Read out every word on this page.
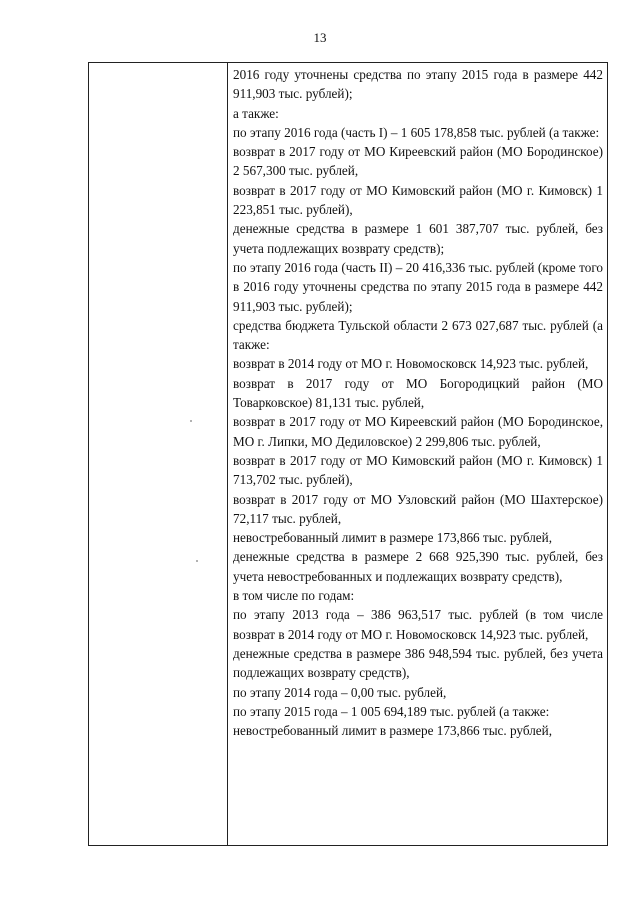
13

2016 году уточнены средства по этапу 2015 года в размере 442 911,903 тыс. рублей);

а также:

по этапу 2016 года (часть I) – 1 605 178,858 тыс. рублей (а также:

возврат в 2017 году от МО Киреевский район (МО Бородинское) 2 567,300 тыс. рублей,

возврат в 2017 году от МО Кимовский район (МО г. Кимовск) 1 223,851 тыс. рублей),

денежные средства в размере 1 601 387,707 тыс. рублей, без учета подлежащих возврату средств);

по этапу 2016 года (часть II) – 20 416,336 тыс. рублей (кроме того в 2016 году уточнены средства по этапу 2015 года в размере 442 911,903 тыс. рублей);

средства бюджета Тульской области 2 673 027,687 тыс. рублей (а также:

возврат в 2014 году от МО г. Новомосковск 14,923 тыс. рублей,

возврат в 2017 году от МО Богородицкий район (МО Товарковское) 81,131 тыс. рублей,

возврат в 2017 году от МО Киреевский район (МО Бородинское, МО г. Липки, МО Дедиловское) 2 299,806 тыс. рублей,

возврат в 2017 году от МО Кимовский район (МО г. Кимовск) 1 713,702 тыс. рублей),

возврат в 2017 году от МО Узловский район (МО Шахтерское) 72,117 тыс. рублей,

невостребованный лимит в размере 173,866 тыс. рублей,

денежные средства в размере 2 668 925,390 тыс. рублей, без учета невостребованных и подлежащих возврату средств),

в том числе по годам:

по этапу 2013 года – 386 963,517 тыс. рублей (в том числе возврат в 2014 году от МО г. Новомосковск 14,923 тыс. рублей,

денежные средства в размере 386 948,594 тыс. рублей, без учета подлежащих возврату средств),

по этапу 2014 года – 0,00 тыс. рублей,

по этапу 2015 года – 1 005 694,189 тыс. рублей (а также:

невостребованный лимит в размере 173,866 тыс. рублей,
